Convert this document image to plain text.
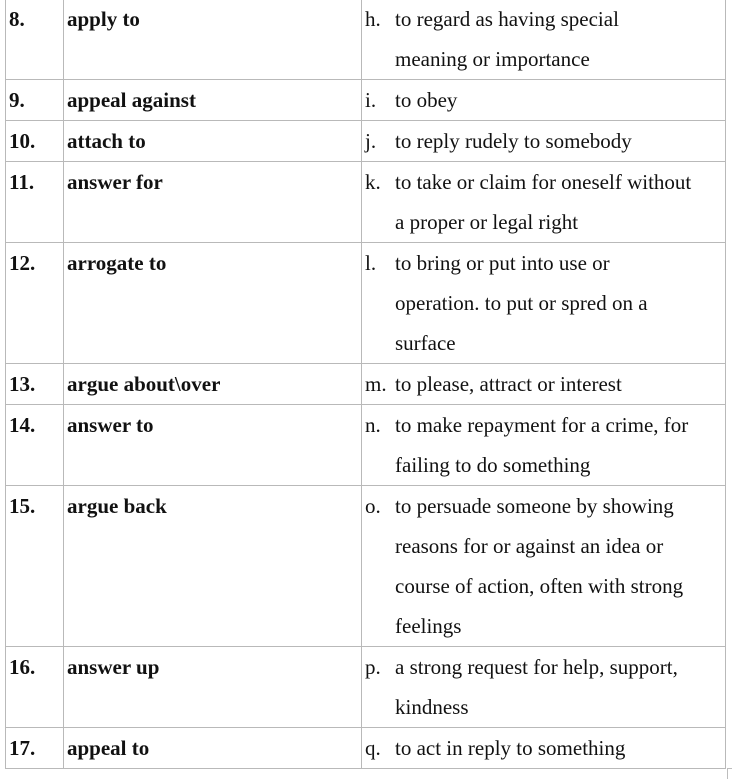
8.	apply to	h. to regard as having special
meaning or importance

9.	appeal against	i. to obey

10.	attach to	j. to reply rudely to somebody

11.	answer for	k. to take or claim for oneself without
a proper or legal right

12.	arrogate to	l. to bring or put into use or
operation. to put or spred on a
surface

13.	argue about\over	m. to please, attract or interest

14.	answer to	n. to make repayment for a crime, for
failing to do something

15.	argue back	o. to persuade someone by showing
reasons for or against an idea or
course of action, often with strong
feelings

16.	answer up	p. a strong request for help, support,
kindness

17.	appeal to	q. to act in reply to something
